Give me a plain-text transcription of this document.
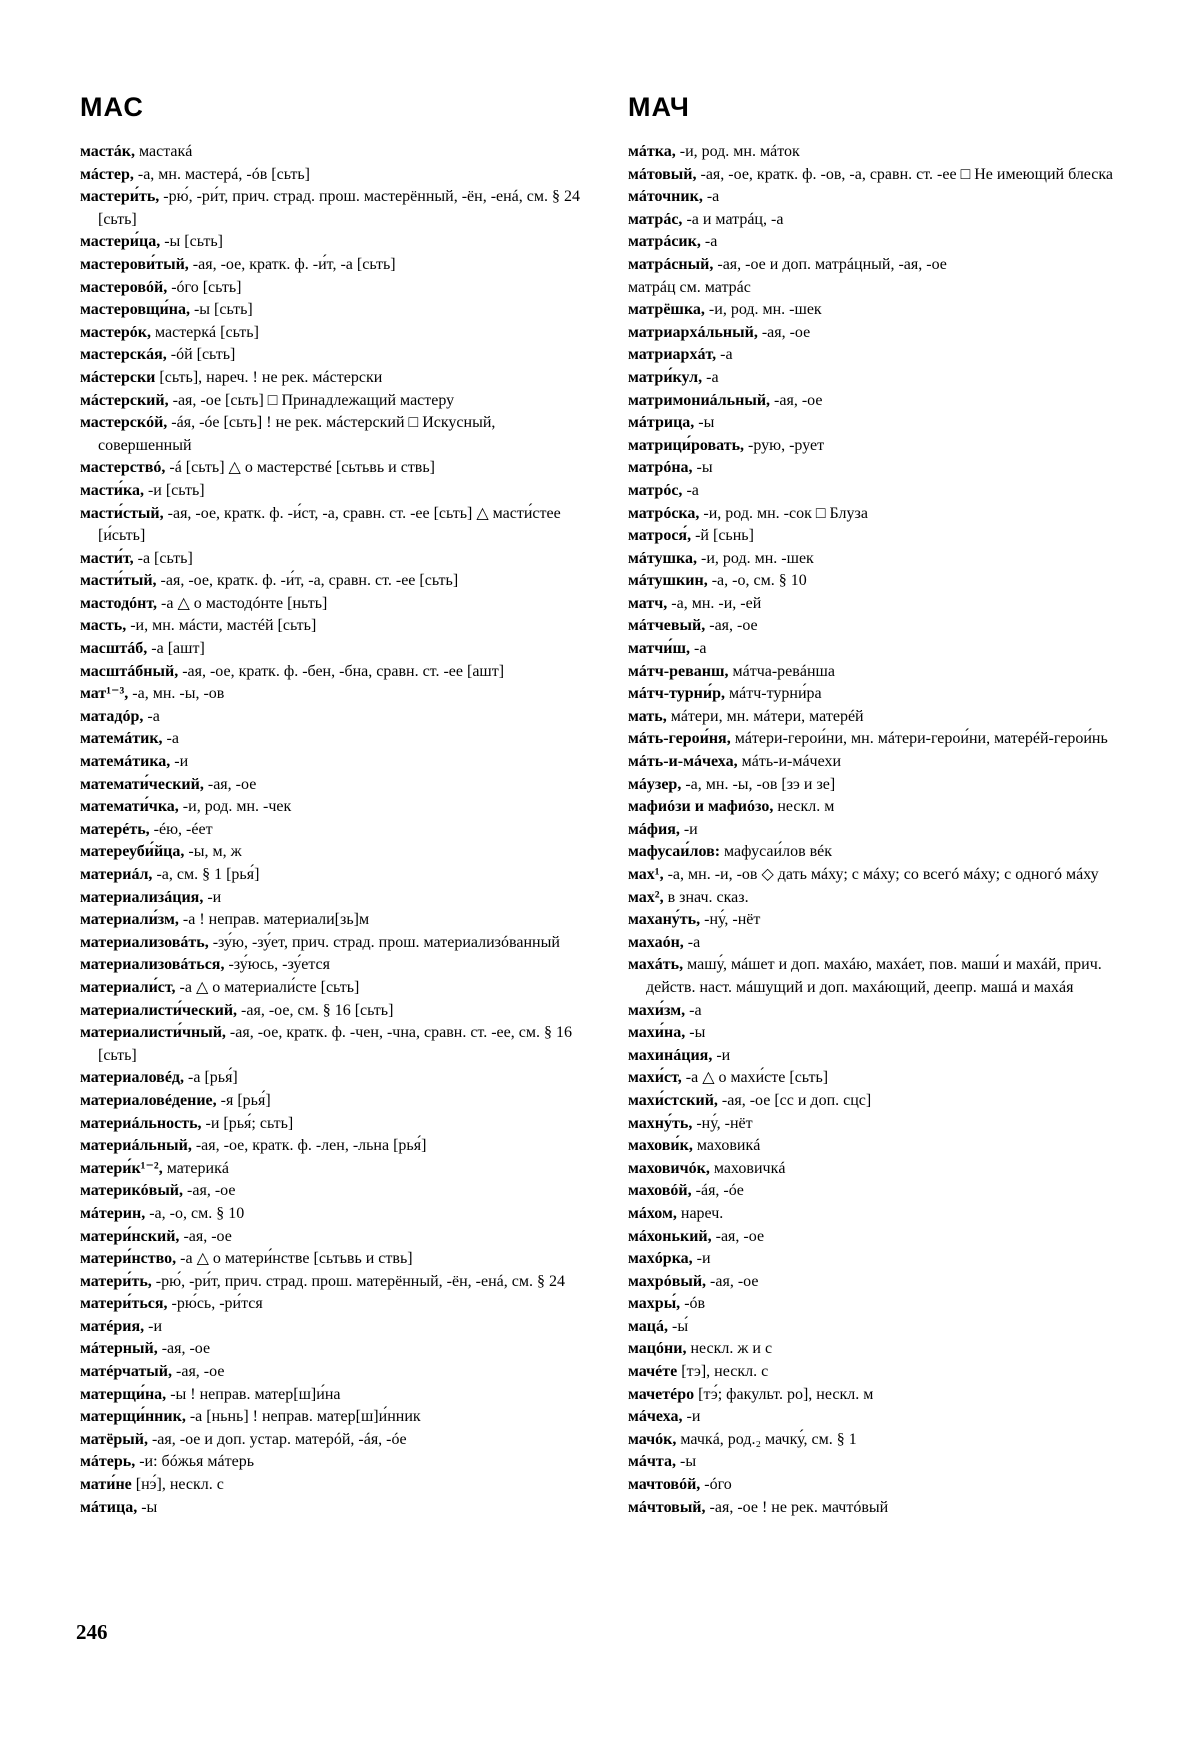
МАС	МАЧ

мастáк, мастакá

мáстер, -а, мн. мастерá, -óв [сьть]

мастери́ть, -рю́, -ри́т, прич. страд. прош. мастерённый, -ён, -енá, см. § 24 [сьть]

мастери́ца, -ы [сьть]

мастерови́тый, -ая, -ое, кратк. ф. -и́т, -а [сьть]

мастеровóй, -óго [сьть]

мастеровщи́на, -ы [сьть]

мастерóк, мастеркá [сьть]

мастерскáя, -óй [сьть]

мáстерски [сьть], нареч. ! не рек. мáстерски

мáстерский, -ая, -ое [сьть] □ Принадлежащий мастеру

мастерскóй, -áя, -óе [сьть] ! не рек. мáстерский □ Искусный, совершенный

мастерствó, -á [сьть] △ о мастерствé [сьтьвь и ствь]

масти́ка, -и [сьть]

масти́стый, -ая, -ое, кратк. ф. -и́ст, -а, сравн. ст. -ее [сьть] △ масти́стее [и́сьть]

масти́т, -а [сьть]

масти́тый, -ая, -ое, кратк. ф. -и́т, -а, сравн. ст. -ее [сьть]

мастодóнт, -а △ о мастодóнте [ньть]

масть, -и, мн. мáсти, мастéй [сьть]

масштáб, -а [ашт]

масштáбный, -ая, -ое, кратк. ф. -бен, -бна, сравн. ст. -ее [ашт]

мат¹⁻³, -а, мн. -ы, -ов

матадóр, -а

матемáтик, -а

матемáтика, -и

математи́ческий, -ая, -ое

математи́чка, -и, род. мн. -чек

матерéть, -éю, -éет

матереуби́йца, -ы, м, ж

материáл, -а, см. § 1 [рья́]

материализáция, -и

материали́зм, -а ! неправ. материали[зь]м

материализовáть, -зу́ю, -зу́ет, прич. страд. прош. материализóванный

материализовáться, -зу́юсь, -зу́ется

материали́ст, -а △ о материали́сте [сьть]

материалисти́ческий, -ая, -ое, см. § 16 [сьть]

материалисти́чный, -ая, -ое, кратк. ф. -чен, -чна, сравн. ст. -ее, см. § 16 [сьть]

материаловéд, -а [рья́]

материаловéдение, -я [рья́]

материáльность, -и [рья́; сьть]

материáльный, -ая, -ое, кратк. ф. -лен, -льна [рья́]

матери́к¹⁻², материкá

материкóвый, -ая, -ое

мáтерин, -а, -о, см. § 10

матери́нский, -ая, -ое

матери́нство, -а △ о матери́нстве [сьтьвь и ствь]

матери́ть, -рю́, -ри́т, прич. страд. прош. матерённый, -ён, -енá, см. § 24

матери́ться, -рю́сь, -ри́тся

матéрия, -и

мáтерный, -ая, -ое

матéрчатый, -ая, -ое

матерщи́на, -ы ! неправ. матер[ш]и́на

матерщи́нник, -а [ньнь] ! неправ. матер[ш]и́нник

матёрый, -ая, -ое и доп. устар. матерóй, -áя, -óе

мáтерь, -и: бóжья мáтерь

мати́не [нэ́], нескл. с

мáтица, -ы

мáтка, -и, род. мн. мáток

мáтовый, -ая, -ое, кратк. ф. -ов, -а, сравн. ст. -ее □ Не имеющий блеска

мáточник, -а

матрáс, -а и матрáц, -а

матрáсик, -а

матрáсный, -ая, -ое и доп. матрáцный, -ая, -ое

матрáц см. матрáс

матрёшка, -и, род. мн. -шек

матриархáльный, -ая, -ое

матриархáт, -а

матри́кул, -а

матримониáльный, -ая, -ое

мáтрица, -ы

матрици́ровать, -рую, -рует

матрóна, -ы

матрóс, -а

матрóска, -и, род. мн. -сок □ Блуза

матрося́, -й [сьнь]

мáтушка, -и, род. мн. -шек

мáтушкин, -а, -о, см. § 10

матч, -а, мн. -и, -ей

мáтчевый, -ая, -ое

матчи́ш, -а

мáтч-реванш, мáтча-ревáнша

мáтч-турни́р, мáтч-турни́ра

мать, мáтери, мн. мáтери, матерéй

мáть-герои́ня, мáтери-герои́ни, мн. мáтери-герои́ни, матерéй-герои́нь

мáть-и-мáчеха, мáть-и-мáчехи

мáузер, -а, мн. -ы, -ов [зэ и зе]

мафиóзи и мафиóзо, нескл. м

мáфия, -и

мафусаи́лов: мафусаи́лов вéк

мах¹, -а, мн. -и, -ов ◇ дать мáху; с мáху; со всегó мáху; с одногó мáху

мах², в знач. сказ.

махану́ть, -ну́, -нёт

махаóн, -а

махáть, машу́, мáшет и доп. махáю, махáет, пов. маши́ и махáй, прич. действ. наст. мáшущий и доп. махáющий, деепр. машá и махáя

махи́зм, -а

махи́на, -ы

махинáция, -и

махи́ст, -а △ о махи́сте [сьть]

махи́стский, -ая, -ое [сс и доп. сцс]

махну́ть, -ну́, -нёт

махови́к, маховикá

маховичóк, маховичкá

маховóй, -áя, -óе

мáхом, нареч.

мáхонький, -ая, -ое

махóрка, -и

махрóвый, -ая, -ое

махры́, -óв

мацá, -ы́

мацóни, нескл. ж и с

мачéте [тэ], нескл. с

мачетéро [тэ́; факульт. ро], нескл. м

мáчеха, -и

мачóк, мачкá, род.₂ мачку́, см. § 1

мáчта, -ы

мачтовóй, -óго

мáчтовый, -ая, -ое ! не рек. мачтóвый

246
